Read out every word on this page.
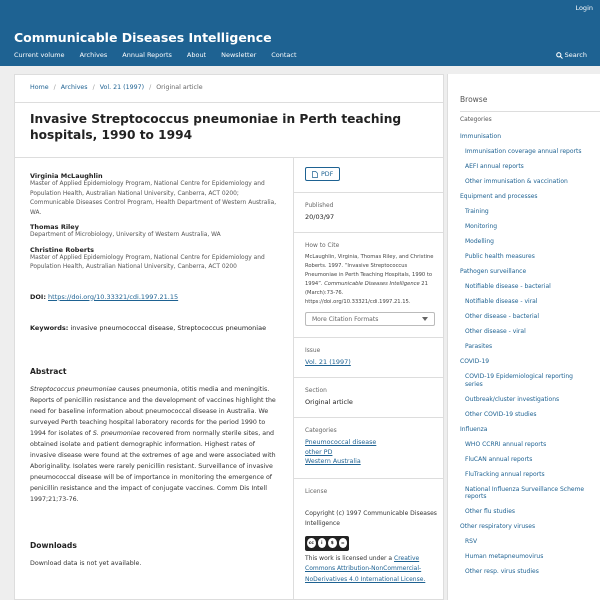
Login
Communicable Diseases Intelligence
Current volume Archives Annual Reports About Newsletter Contact	Search
Home / Archives / Vol. 21 (1997) / Original article
Invasive Streptococcus pneumoniae in Perth teaching hospitals, 1990 to 1994
Virginia McLaughlin
Master of Applied Epidemiology Program, National Centre for Epidemiology and Population Health, Australian National University, Canberra, ACT 0200; Communicable Diseases Control Program, Health Department of Western Australia, WA.
Thomas Riley
Department of Microbiology, University of Western Australia, WA
Christine Roberts
Master of Applied Epidemiology Program, National Centre for Epidemiology and Population Health, Australian National University, Canberra, ACT 0200
DOI: https://doi.org/10.33321/cdi.1997.21.15
Keywords: invasive pneumococcal disease, Streptococcus pneumoniae
Abstract
Streptococcus pneumoniae causes pneumonia, otitis media and meningitis. Reports of penicillin resistance and the development of vaccines highlight the need for baseline information about pneumococcal disease in Australia. We surveyed Perth teaching hospital laboratory records for the period 1990 to 1994 for isolates of S. pneumoniae recovered from normally sterile sites, and obtained isolate and patient demographic information. Highest rates of invasive disease were found at the extremes of age and were associated with Aboriginality. Isolates were rarely penicillin resistant. Surveillance of invasive pneumococcal disease will be of importance in monitoring the emergence of penicillin resistance and the impact of conjugate vaccines. Comm Dis Intell 1997;21;73-76.
Downloads
Download data is not yet available.
PDF
Published
20/03/97
How to Cite
McLaughlin, Virginia, Thomas Riley, and Christine Roberts. 1997. “Invasive Streptococcus Pneumoniae in Perth Teaching Hospitals, 1990 to 1994”. Communicable Diseases Intelligence 21 (March):73-76. https://doi.org/10.33321/cdi.1997.21.15.
More Citation Formats
Issue
Vol. 21 (1997)
Section
Original article
Categories
Pneumococcal disease
other PD
Western Australia
License
Copyright (c) 1997 Communicable Diseases Intelligence
cc	i	$	=
This work is licensed under a Creative Commons Attribution-NonCommercial-NoDerivatives 4.0 International License.
Browse
Categories
Immunisation
Immunisation coverage annual reports
AEFI annual reports
Other immunisation & vaccination
Equipment and processes
Training
Monitoring
Modelling
Public health measures
Pathogen surveillance
Notifiable disease - bacterial
Notifiable disease - viral
Other disease - bacterial
Other disease - viral
Parasites
COVID-19
COVID-19 Epidemiological reporting series
Outbreak/cluster investigations
Other COVID-19 studies
Influenza
WHO CCRRI annual reports
FluCAN annual reports
FluTracking annual reports
National Influenza Surveillance Scheme reports
Other flu studies
Other respiratory viruses
RSV
Human metapneumovirus
Other resp. virus studies
